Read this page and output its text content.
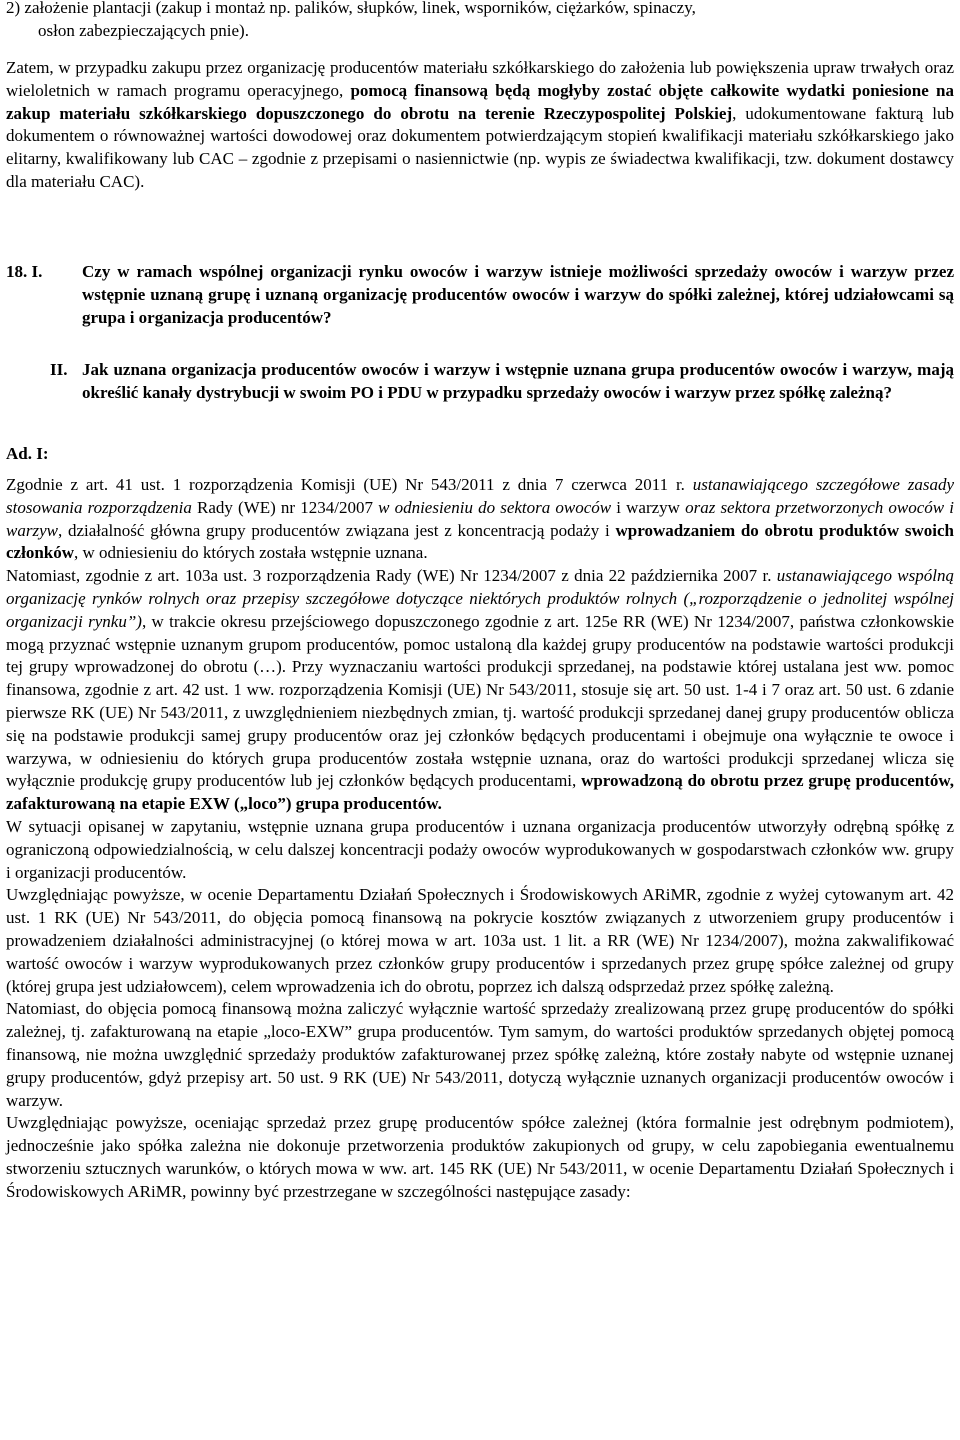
2) założenie plantacji (zakup i montaż np. palików, słupków, linek, wsporników, ciężarków, spinaczy,
osłon zabezpieczających pnie).
Zatem, w przypadku zakupu przez organizację producentów materiału szkółkarskiego do założenia lub powiększenia upraw trwałych oraz wieloletnich w ramach programu operacyjnego, pomocą finansową będą mogłyby zostać objęte całkowite wydatki poniesione na zakup materiału szkółkarskiego dopuszczonego do obrotu na terenie Rzeczypospolitej Polskiej, udokumentowane fakturą lub dokumentem o równoważnej wartości dowodowej oraz dokumentem potwierdzającym stopień kwalifikacji materiału szkółkarskiego jako elitarny, kwalifikowany lub CAC – zgodnie z przepisami o nasiennictwie (np. wypis ze świadectwa kwalifikacji, tzw. dokument dostawcy dla materiału CAC).
18. I. Czy w ramach wspólnej organizacji rynku owoców i warzyw istnieje możliwości sprzedaży owoców i warzyw przez wstępnie uznaną grupę i uznaną organizację producentów owoców i warzyw do spółki zależnej, której udziałowcami są grupa i organizacja producentów?
II. Jak uznana organizacja producentów owoców i warzyw i wstępnie uznana grupa producentów owoców i warzyw, mają określić kanały dystrybucji w swoim PO i PDU w przypadku sprzedaży owoców i warzyw przez spółkę zależną?
Ad. I:
Zgodnie z art. 41 ust. 1 rozporządzenia Komisji (UE) Nr 543/2011 z dnia 7 czerwca 2011 r. ustanawiającego szczegółowe zasady stosowania rozporządzenia Rady (WE) nr 1234/2007 w odniesieniu do sektora owoców i warzyw oraz sektora przetworzonych owoców i warzyw, działalność główna grupy producentów związana jest z koncentracją podaży i wprowadzaniem do obrotu produktów swoich członków, w odniesieniu do których została wstępnie uznana.
Natomiast, zgodnie z art. 103a ust. 3 rozporządzenia Rady (WE) Nr 1234/2007 z dnia 22 października 2007 r. ustanawiającego wspólną organizację rynków rolnych oraz przepisy szczegółowe dotyczące niektórych produktów rolnych („rozporządzenie o jednolitej wspólnej organizacji rynku”), w trakcie okresu przejściowego dopuszczonego zgodnie z art. 125e RR (WE) Nr 1234/2007, państwa członkowskie mogą przyznać wstępnie uznanym grupom producentów, pomoc ustaloną dla każdej grupy producentów na podstawie wartości produkcji tej grupy wprowadzonej do obrotu (…). Przy wyznaczaniu wartości produkcji sprzedanej, na podstawie której ustalana jest ww. pomoc finansowa, zgodnie z art. 42 ust. 1 ww. rozporządzenia Komisji (UE) Nr 543/2011, stosuje się art. 50 ust. 1-4 i 7 oraz art. 50 ust. 6 zdanie pierwsze RK (UE) Nr 543/2011, z uwzględnieniem niezbędnych zmian, tj. wartość produkcji sprzedanej danej grupy producentów oblicza się na podstawie produkcji samej grupy producentów oraz jej członków będących producentami i obejmuje ona wyłącznie te owoce i warzywa, w odniesieniu do których grupa producentów została wstępnie uznana, oraz do wartości produkcji sprzedanej wlicza się wyłącznie produkcję grupy producentów lub jej członków będących producentami, wprowadzoną do obrotu przez grupę producentów, zafakturowaną na etapie EXW („loco”) grupa producentów.
W sytuacji opisanej w zapytaniu, wstępnie uznana grupa producentów i uznana organizacja producentów utworzyły odrębną spółkę z ograniczoną odpowiedzialnością, w celu dalszej koncentracji podaży owoców wyprodukowanych w gospodarstwach członków ww. grupy i organizacji producentów.
Uwzględniając powyższe, w ocenie Departamentu Działań Społecznych i Środowiskowych ARiMR, zgodnie z wyżej cytowanym art. 42 ust. 1 RK (UE) Nr 543/2011, do objęcia pomocą finansową na pokrycie kosztów związanych z utworzeniem grupy producentów i prowadzeniem działalności administracyjnej (o której mowa w art. 103a ust. 1 lit. a RR (WE) Nr 1234/2007), można zakwalifikować wartość owoców i warzyw wyprodukowanych przez członków grupy producentów i sprzedanych przez grupę spółce zależnej od grupy (której grupa jest udziałowcem), celem wprowadzenia ich do obrotu, poprzez ich dalszą odsprzedaż przez spółkę zależną.
Natomiast, do objęcia pomocą finansową można zaliczyć wyłącznie wartość sprzedaży zrealizowaną przez grupę producentów do spółki zależnej, tj. zafakturowaną na etapie „loco-EXW” grupa producentów. Tym samym, do wartości produktów sprzedanych objętej pomocą finansową, nie można uwzględnić sprzedaży produktów zafakturowanej przez spółkę zależną, które zostały nabyte od wstępnie uznanej grupy producentów, gdyż przepisy art. 50 ust. 9 RK (UE) Nr 543/2011, dotyczą wyłącznie uznanych organizacji producentów owoców i warzyw.
Uwzględniając powyższe, oceniając sprzedaż przez grupę producentów spółce zależnej (która formalnie jest odrębnym podmiotem), jednocześnie jako spółka zależna nie dokonuje przetworzenia produktów zakupionych od grupy, w celu zapobiegania ewentualnemu stworzeniu sztucznych warunków, o których mowa w ww. art. 145 RK (UE) Nr 543/2011, w ocenie Departamentu Działań Społecznych i Środowiskowych ARiMR, powinny być przestrzegane w szczególności następujące zasady:
